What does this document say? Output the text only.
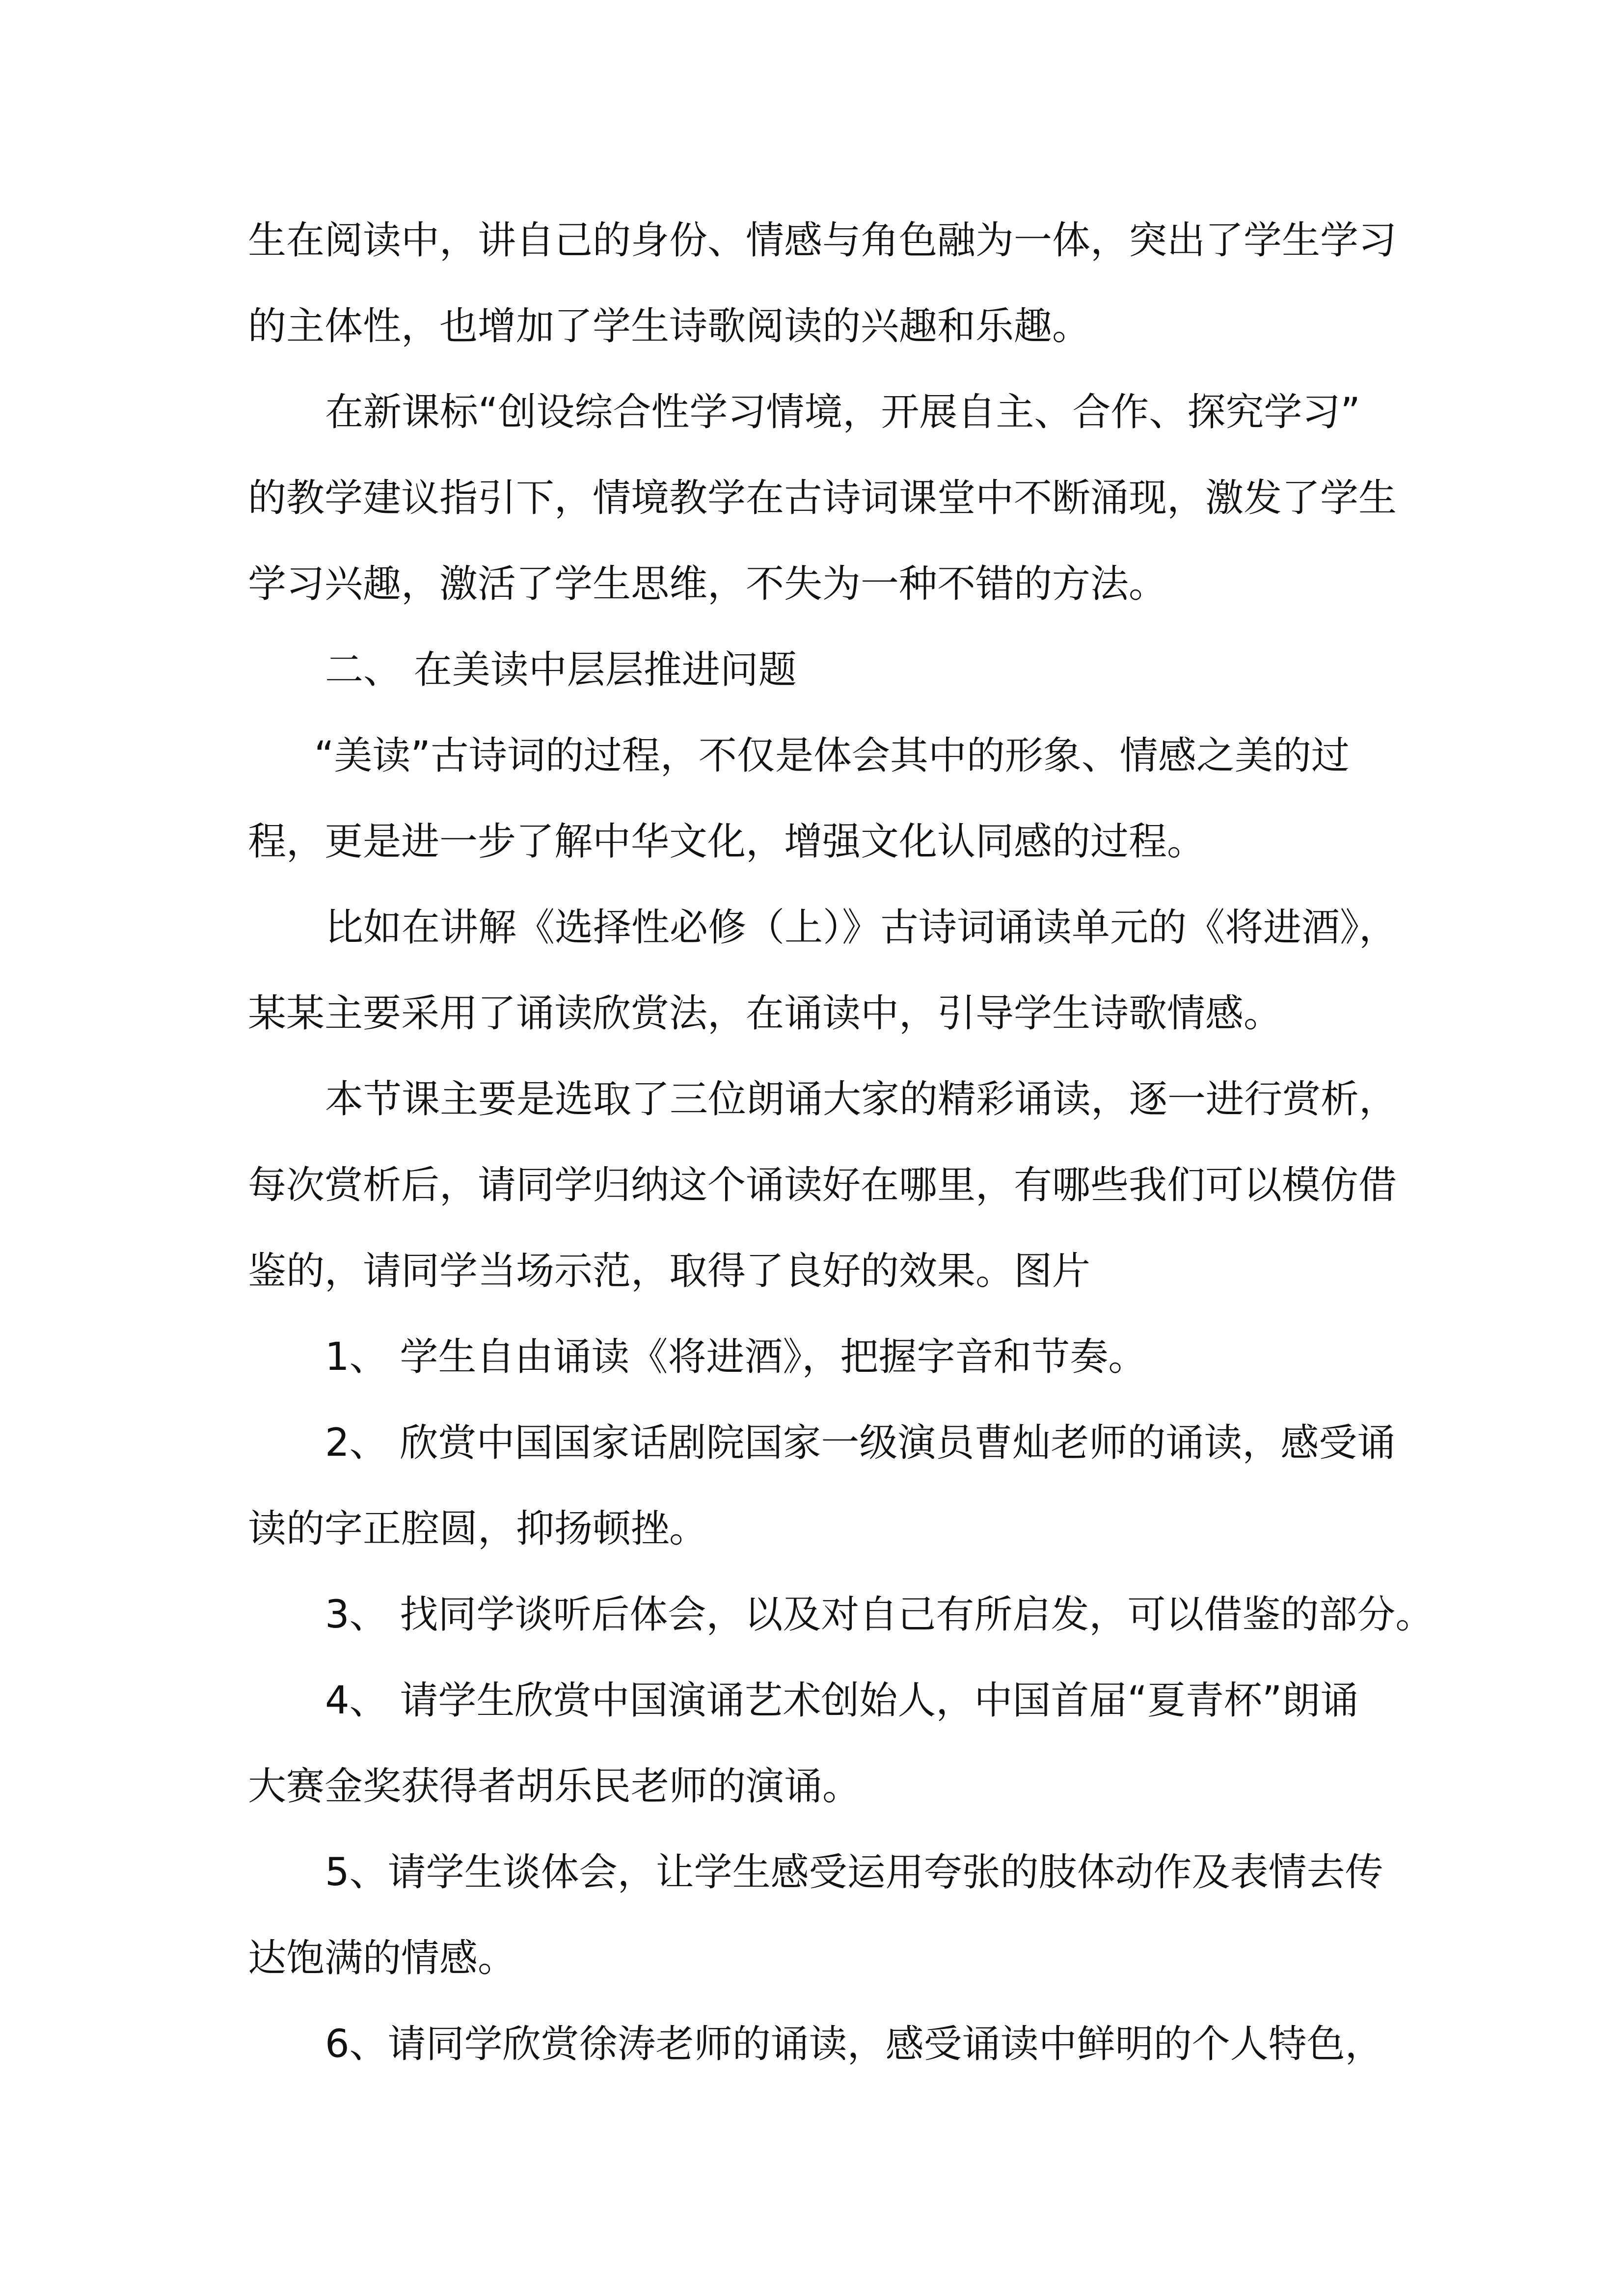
生在阅读中，讲自己的身份、情感与角色融为一体，突出了学生学习
的主体性，也增加了学生诗歌阅读的兴趣和乐趣。
在新课标“创设综合性学习情境，开展自主、合作、探究学习”
的教学建议指引下，情境教学在古诗词课堂中不断涌现，激发了学生
学习兴趣，激活了学生思维，不失为一种不错的方法。
二、 在美读中层层推进问题
“美读”古诗词的过程，不仅是体会其中的形象、情感之美的过
程，更是进一步了解中华文化，增强文化认同感的过程。
比如在讲解《选择性必修（上）》古诗词诵读单元的《将进酒》，
某某主要采用了诵读欣赏法，在诵读中，引导学生诗歌情感。
本节课主要是选取了三位朗诵大家的精彩诵读，逐一进行赏析，
每次赏析后，请同学归纳这个诵读好在哪里，有哪些我们可以模仿借
鉴的，请同学当场示范，取得了良好的效果。图片
1、 学生自由诵读《将进酒》，把握字音和节奏。
2、 欣赏中国国家话剧院国家一级演员曹灿老师的诵读，感受诵
读的字正腔圆，抑扬顿挫。
3、 找同学谈听后体会，以及对自己有所启发，可以借鉴的部分。
4、 请学生欣赏中国演诵艺术创始人，中国首届“夏青杯”朗诵
大赛金奖获得者胡乐民老师的演诵。
5、请学生谈体会，让学生感受运用夸张的肢体动作及表情去传
达饱满的情感。
6、请同学欣赏徐涛老师的诵读，感受诵读中鲜明的个人特色，
